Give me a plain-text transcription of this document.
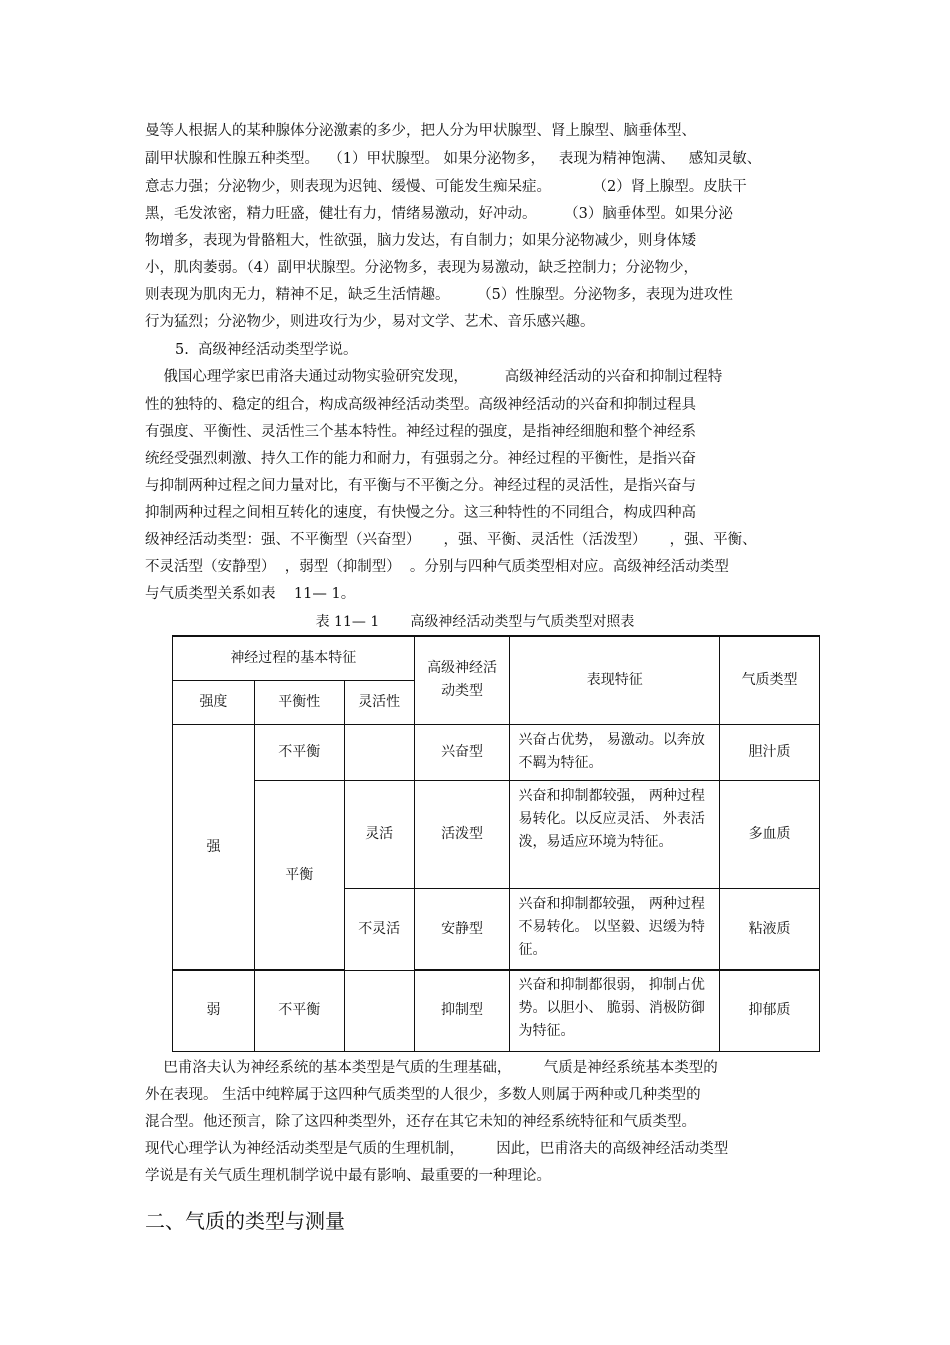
曼等人根据人的某种腺体分泌激素的多少，把人分为甲状腺型、肾上腺型、脑垂体型、
副甲状腺和性腺五种类型。  （1）甲状腺型。 如果分泌物多，   表现为精神饱满、   感知灵敏、
意志力强；分泌物少，则表现为迟钝、缓慢、可能发生痴呆症。         （2）肾上腺型。皮肤干
黑，毛发浓密，精力旺盛，健壮有力，情绪易激动，好冲动。      （3）脑垂体型。如果分泌
物增多，表现为骨骼粗大，性欲强，脑力发达，有自制力；如果分泌物减少，则身体矮
小，肌肉萎弱。（4）副甲状腺型。分泌物多，表现为易激动，缺乏控制力；分泌物少，
则表现为肌肉无力，精神不足，缺乏生活情趣。      （5）性腺型。分泌物多，表现为进攻性
行为猛烈；分泌物少，则进攻行为少，易对文学、艺术、音乐感兴趣。
5.  高级神经活动类型学说。
俄国心理学家巴甫洛夫通过动物实验研究发现，        高级神经活动的兴奋和抑制过程特
性的独特的、稳定的组合，构成高级神经活动类型。高级神经活动的兴奋和抑制过程具
有强度、平衡性、灵活性三个基本特性。神经过程的强度，是指神经细胞和整个神经系
统经受强烈刺激、持久工作的能力和耐力，有强弱之分。神经过程的平衡性，是指兴奋
与抑制两种过程之间力量对比，有平衡与不平衡之分。神经过程的灵活性，是指兴奋与
抑制两种过程之间相互转化的速度，有快慢之分。这三种特性的不同组合，构成四种高
级神经活动类型：强、不平衡型（兴奋型）     ，强、平衡、灵活性（活泼型）     ，强、平衡、
不灵活型（安静型）  ，弱型（抑制型）  。分别与四种气质类型相对应。高级神经活动类型
与气质类型关系如表    11— 1。
表 11— 1       高级神经活动类型与气质类型对照表
神经过程的基本特征			高级神经活动类型	表现特征	气质类型
强度	平衡性	灵活性			
强	不平衡		兴奋型	兴奋占优势， 易激动。以奔放不羁为特征。	胆汁质
	平衡	灵活	活泼型	兴奋和抑制都较强， 两种过程易转化。以反应灵活、 外表活泼，易适应环境为特征。	多血质
		不灵活	安静型	兴奋和抑制都较强， 两种过程不易转化。 以坚毅、迟缓为特征。	粘液质

弱	不平衡		抑制型	兴奋和抑制都很弱， 抑制占优势。以胆小、 脆弱、消极防御为特征。	抑郁质
巴甫洛夫认为神经系统的基本类型是气质的生理基础，       气质是神经系统基本类型的
外在表现。 生活中纯粹属于这四种气质类型的人很少，多数人则属于两种或几种类型的
混合型。他还预言，除了这四种类型外，还存在其它未知的神经系统特征和气质类型。
现代心理学认为神经活动类型是气质的生理机制，       因此，巴甫洛夫的高级神经活动类型
学说是有关气质生理机制学说中最有影响、最重要的一种理论。
二、气质的类型与测量
